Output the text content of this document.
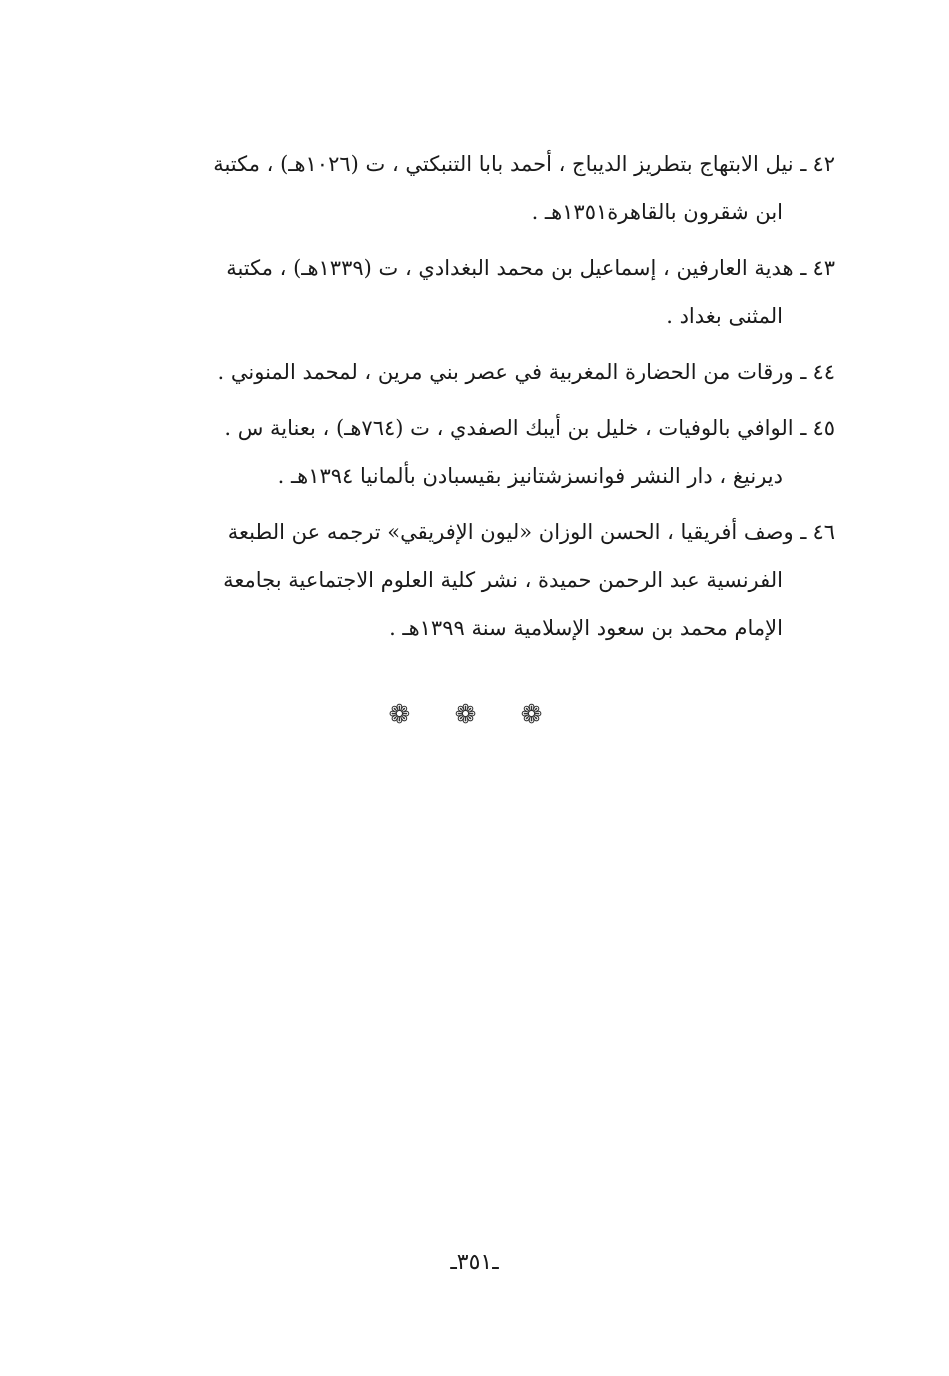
٤٢ـ نيل الابتهاج بتطريز الديباج ، أحمد بابا التنبكتي ، ت (١٠٢٦هـ) ، مكتبة
ابن شقرون بالقاهرة١٣٥١هـ .
٤٣ـ هدية العارفين ، إسماعيل بن محمد البغدادي ، ت (١٣٣٩هـ) ، مكتبة
المثنى بغداد .
٤٤ـ ورقات من الحضارة المغربية في عصر بني مرين ، لمحمد المنوني .
٤٥ـ الوافي بالوفيات ، خليل بن أيبك الصفدي ، ت (٧٦٤هـ) ، بعناية س .
ديرنيغ ، دار النشر فوانسزشتانيز بقيسبادن بألمانيا ١٣٩٤هـ .
٤٦ـ وصف أفريقيا ، الحسن الوزان «ليون الإفريقي» ترجمه عن الطبعة
الفرنسية عبد الرحمن حميدة ، نشر كلية العلوم الاجتماعية بجامعة
الإمام محمد بن سعود الإسلامية سنة ١٣٩٩هـ .
❁ ❁ ❁
ـ٣٥١ـ
